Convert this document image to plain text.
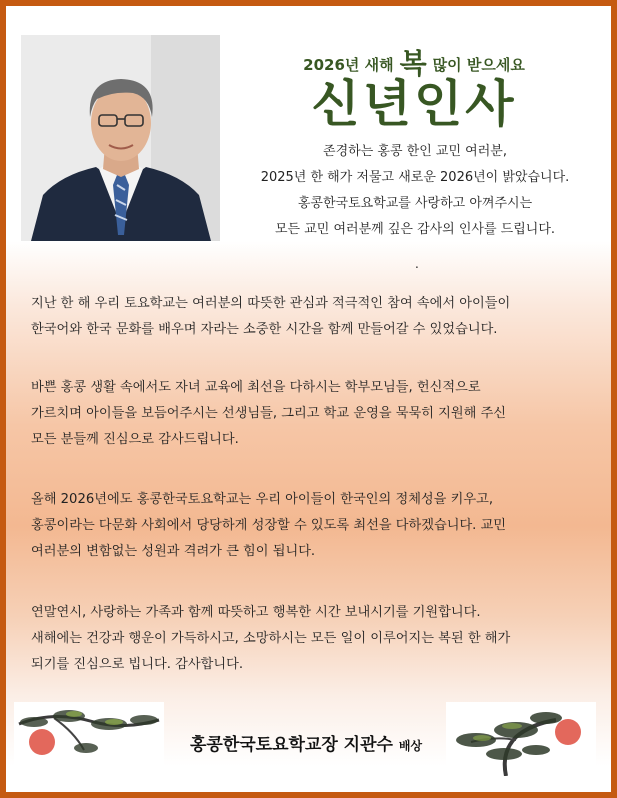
2026년 새해 복 많이 받으세요
신년인사
존경하는 홍콩 한인 교민 여러분,
2025년 한 해가 저물고 새로운 2026년이 밝았습니다.
홍콩한국토요학교를 사랑하고 아껴주시는
모든 교민 여러분께 깊은 감사의 인사를 드립니다.
.
지난 한 해 우리 토요학교는 여러분의 따뜻한 관심과 적극적인 참여 속에서 아이들이
한국어와 한국 문화를 배우며 자라는 소중한 시간을 함께 만들어갈 수 있었습니다.
바쁜 홍콩 생활 속에서도 자녀 교육에 최선을 다하시는 학부모님들, 헌신적으로
가르치며 아이들을 보듬어주시는 선생님들, 그리고 학교 운영을 묵묵히 지원해 주신
모든 분들께 진심으로 감사드립니다.
올해 2026년에도 홍콩한국토요학교는 우리 아이들이 한국인의 정체성을 키우고,
홍콩이라는 다문화 사회에서 당당하게 성장할 수 있도록 최선을 다하겠습니다. 교민
여러분의 변함없는 성원과 격려가 큰 힘이 됩니다.
연말연시, 사랑하는 가족과 함께 따뜻하고 행복한 시간 보내시기를 기원합니다.
새해에는 건강과 행운이 가득하시고, 소망하시는 모든 일이 이루어지는 복된 한 해가
되기를 진심으로 빕니다. 감사합니다.
홍콩한국토요학교장 지관수 배상
